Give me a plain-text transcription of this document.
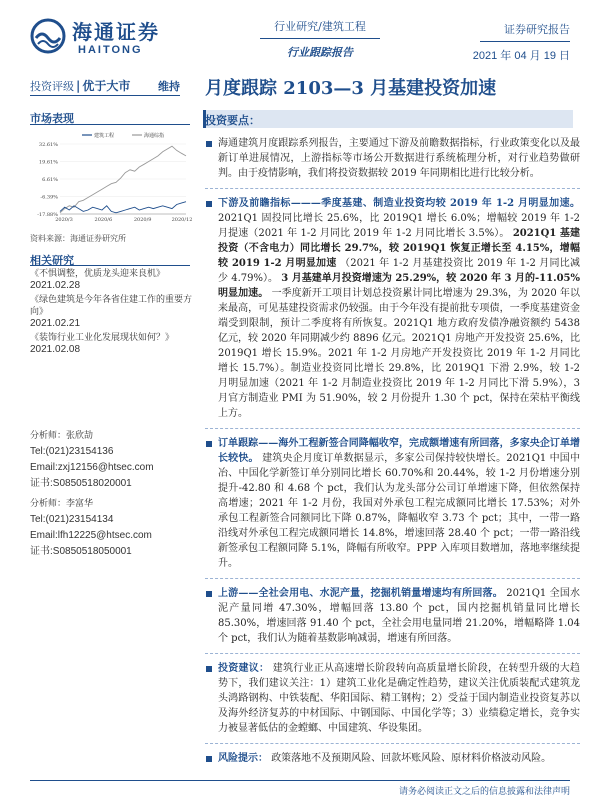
海通证券
HAITONG
行业研究/建筑工程
行业跟踪报告
证券研究报告
2021 年 04 月 19 日
投资评级 | 优于大市	维持 月度跟踪 2103—3 月基建投资加速
市场表现
建筑工程	海通综指
32.61%
19.61%
6.61%
-6.39%
-17.88%
2020/3	2020/6	2020/9	2020/12
资料来源：海通证券研究所
相关研究
《不惧调整，优质龙头迎来良机》
2021.02.28
《绿色建筑是今年各省住建工作的重要方向》
2021.02.21
《装饰行业工业化发展现状如何？》
2021.02.08
分析师：张欣劼
Tel:(021)23154136
Email:zxj12156@htsec.com
证书:S0850518020001
分析师：李富华
Tel:(021)23154134
Email:lfh12225@htsec.com
证书:S0850518050001
投资要点：
海通建筑月度跟踪系列报告，主要通过下游及前瞻数据指标，行业政策变化以及最新订单进展情况，上游指标等市场公开数据进行系统梳理分析，对行业趋势做研判。由于疫情影响，我们将投资数据较 2019 年同期相比进行比较分析。
下游及前瞻指标———季度基建、制造业投资均较 2019 年 1-2 月明显加速。 2021Q1 固投同比增长 25.6%，比 2019Q1 增长 6.0%；增幅较 2019 年 1-2 月提速（2021 年 1-2 月同比 2019 年 1-2 月同比增长 3.5%）。 2021Q1 基建投资（不含电力）同比增长 29.7%，较 2019Q1 恢复正增长至 4.15%，增幅较 2019 1-2 月明显加速 （2021 年 1-2 月基建投资比 2019 年 1-2 月同比减少 4.79%）。 3 月基建单月投资增速为 25.29%，较 2020 年 3 月的-11.05%明显加速。 一季度新开工项目计划总投资累计同比增速为 29.3%，为 2020 年以来最高，可见基建投资需求仍较强。由于今年没有提前批专项债，一季度基建资金端受到限制，预计二季度将有所恢复。2021Q1 地方政府发债净融资额约 5438 亿元，较 2020 年同期减少约 8896 亿元。2021Q1 房地产开发投资 25.6%，比 2019Q1 增长 15.9%。2021 年 1-2 月房地产开发投资比 2019 年 1-2 月同比增长 15.7%）。制造业投资同比增长 29.8%，比 2019Q1 下滑 2.9%，较 1-2 月明显加速（2021 年 1-2 月制造业投资比 2019 年 1-2 月同比下滑 5.9%），3 月官方制造业 PMI 为 51.90%，较 2 月份提升 1.30 个 pct，保持在荣枯平衡线上方。
订单跟踪——海外工程新签合同降幅收窄，完成额增速有所回落，多家央企订单增长较快。 建筑央企月度订单数据显示，多家公司保持较快增长。2021Q1 中国中冶、中国化学新签订单分别同比增长 60.70%和 20.44%，较 1-2 月份增速分别提升-42.80 和 4.68 个 pct，我们认为龙头部分公司订单增速下降，但依然保持高增速；2021 年 1-2 月份，我国对外承包工程完成额同比增长 17.53%；对外承包工程新签合同额同比下降 0.87%，降幅收窄 3.73 个 pct；其中，一带一路沿线对外承包工程完成额同增长 14.8%，增速回落 28.40 个 pct；一带一路沿线新签承包工程额同降 5.1%，降幅有所收窄。PPP 入库项目数增加，落地率继续提升。
上游——全社会用电、水泥产量，挖掘机销量增速均有所回落。 2021Q1 全国水泥产量同增 47.30%，增幅回落 13.80 个 pct，国内挖掘机销量同比增长 85.30%，增速回落 91.40 个 pct，全社会用电量同增 21.20%，增幅略降 1.04 个 pct，我们认为随着基数影响减弱，增速有所回落。
投资建议： 建筑行业正从高速增长阶段转向高质量增长阶段，在转型升级的大趋势下，我们建议关注：1）建筑工业化是确定性趋势，建议关注优质装配式建筑龙头鸿路钢构、中铁装配、华阳国际、精工钢构；2）受益于国内制造业投资复苏以及海外经济复苏的中材国际、中钢国际、中国化学等；3）业绩稳定增长，竞争实力被显著低估的金螳螂、中国建筑、华设集团。
风险提示： 政策落地不及预期风险、回款坏账风险、原材料价格波动风险。
请务必阅读正文之后的信息披露和法律声明
